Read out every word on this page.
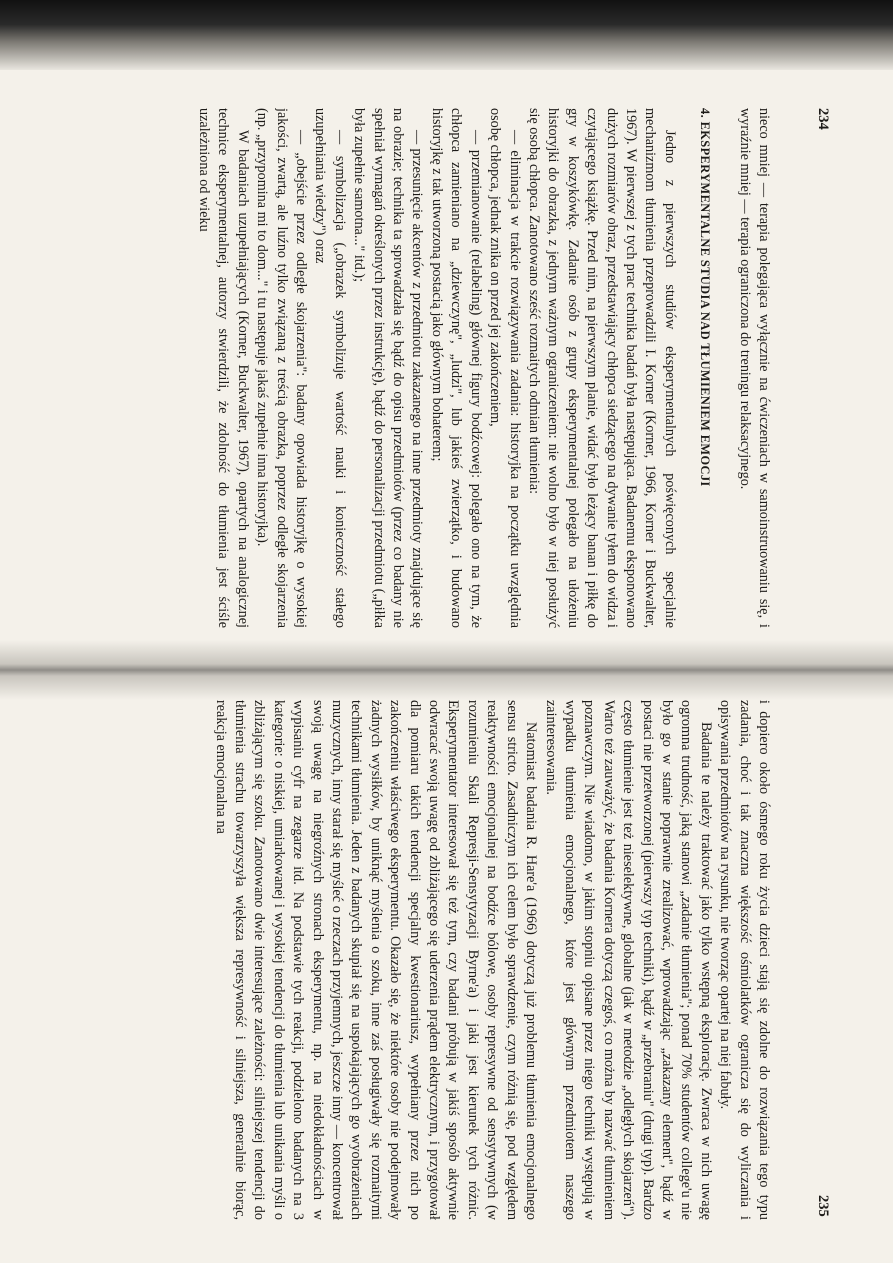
234

nieco mniej — terapia polegająca wyłącznie na ćwiczeniach w samoinstruowaniu się, i wyraźnie mniej — terapia ograniczona do treningu relaksacyjnego.

4. EKSPERYMENTALNE STUDIA NAD TŁUMIENIEM EMOCJI

Jedno z pierwszych studiów eksperymentalnych poświęconych specjalnie mechanizmom tłumienia przeprowadzili I. Korner (Korner, 1966, Korner i Buckwalter, 1967). W pierwszej z tych prac technika badań była następująca. Badanemu eksponowano dużych rozmiarów obraz, przedstawiający chłopca siedzącego na dywanie tyłem do widza i czytającego książkę. Przed nim, na pierwszym planie, widać było leżący banan i piłkę do gry w koszykówkę. Zadanie osób z grupy eksperymentalnej polegało na ułożeniu historyjki do obrazka, z jednym ważnym ograniczeniem: nie wolno było w niej posłużyć się osobą chłopca. Zanotowano sześć rozmaitych odmian tłumienia:

— eliminacja w trakcie rozwiązywania zadania: historyjka na początku uwzględnia osobę chłopca, jednak znika on przed jej zakończeniem,

— przemianowanie (relabeling) głównej figury bodźcowej: polegało ono na tym, że chłopca zamieniano na „dziewczynę", „ludzi", lub jakieś zwierzątko, i budowano historyjkę z tak utworzoną postacią jako głównym bohaterem;

— przesunięcie akcentów z przedmiotu zakazanego na inne przedmioty znajdujące się na obrazie; technika ta sprowadzała się bądź do opisu przedmiotów (przez co badany nie spełniał wymagań określonych przez instrukcję), bądź do personalizacji przedmiotu („piłka była zupełnie samotna..." itd.);

— symbolizacja („obrazek symbolizuje wartość nauki i konieczność stałego uzupełniania wiedzy") oraz

— „obejście przez odległe skojarzenia": badany opowiada historyjkę o wysokiej jakości, zwartą, ale luźno tylko związaną z treścią obrazka, poprzez odległe skojarzenia (np. „przypomina mi to dom..." i tu następuje jakaś zupełnie inna historyjka).

W badaniach uzupełniających (Korner, Buckwalter, 1967), opartych na analogicznej technice eksperymentalnej, autorzy stwierdzili, że zdolność do tłumienia jest ściśle uzależniona od wieku

235

i dopiero około ósmego roku życia dzieci stają się zdolne do rozwiązania tego typu zadania, choć i tak znaczna większość ośmiolatków ogranicza się do wyliczania i opisywania przedmiotów na rysunku, nie tworząc opartej na niej fabuły.

Badania te należy traktować jako tylko wstępną eksplorację. Zwraca w nich uwagę ogromna trudność, jaką stanowi „zadanie tłumienia"; ponad 70% studentów college'u nie było go w stanie poprawnie zrealizować, wprowadzając „zakazany element", bądź w postaci nie przetworzonej (pierwszy typ techniki), bądź w „przebraniu" (drugi typ). Bardzo często tłumienie jest też nieselektywne, globalne (jak w metodzie „odległych skojarzeń"). Warto też zauważyć, że badania Kornera dotyczą czegoś, co można by nazwać tłumieniem poznawczym. Nie wiadomo, w jakim stopniu opisane przez niego techniki występują w wypadku tłumienia emocjonalnego, które jest głównym przedmiotem naszego zainteresowania.

Natomiast badania R. Hare'a (1966) dotyczą już problemu tłumienia emocjonalnego sensu stricto. Zasadniczym ich celem było sprawdzenie, czym różnią się, pod względem reaktywności emocjonalnej na bodźce bólowe, osoby represywne od sensytywnych (w rozumieniu Skali Represji-Sensytyzacji Byrne'a) i jaki jest kierunek tych różnic. Eksperymentator interesował się też tym, czy badani próbują w jakiś sposób aktywnie odwracać swoją uwagę od zbliżającego się uderzenia prądem elektrycznym, i przygotował dla pomiaru takich tendencji specjalny kwestionariusz, wypełniany przez nich po zakończeniu właściwego eksperymentu. Okazało się, że niektóre osoby nie podejmowały żadnych wysiłków, by uniknąć myślenia o szoku, inne zaś posługiwały się rozmaitymi technikami tłumienia. Jeden z badanych skupiał się na uspokajających go wyobrażeniach muzycznych, inny starał się myśleć o rzeczach przyjemnych, jeszcze inny — koncentrował swoją uwagę na niegroźnych stronach eksperymentu, np. na niedokładnościach w wypisaniu cyfr na zegarze itd. Na podstawie tych reakcji, podzielono badanych na 3 kategorie: o niskiej, umiarkowanej i wysokiej tendencji do tłumienia lub unikania myśli o zbliżającym się szoku. Zanotowano dwie interesujące zależności: silniejszej tendencji do tłumienia strachu towarzyszyła większa represywność i silniejsza, generalnie biorąc, reakcja emocjonalna na
